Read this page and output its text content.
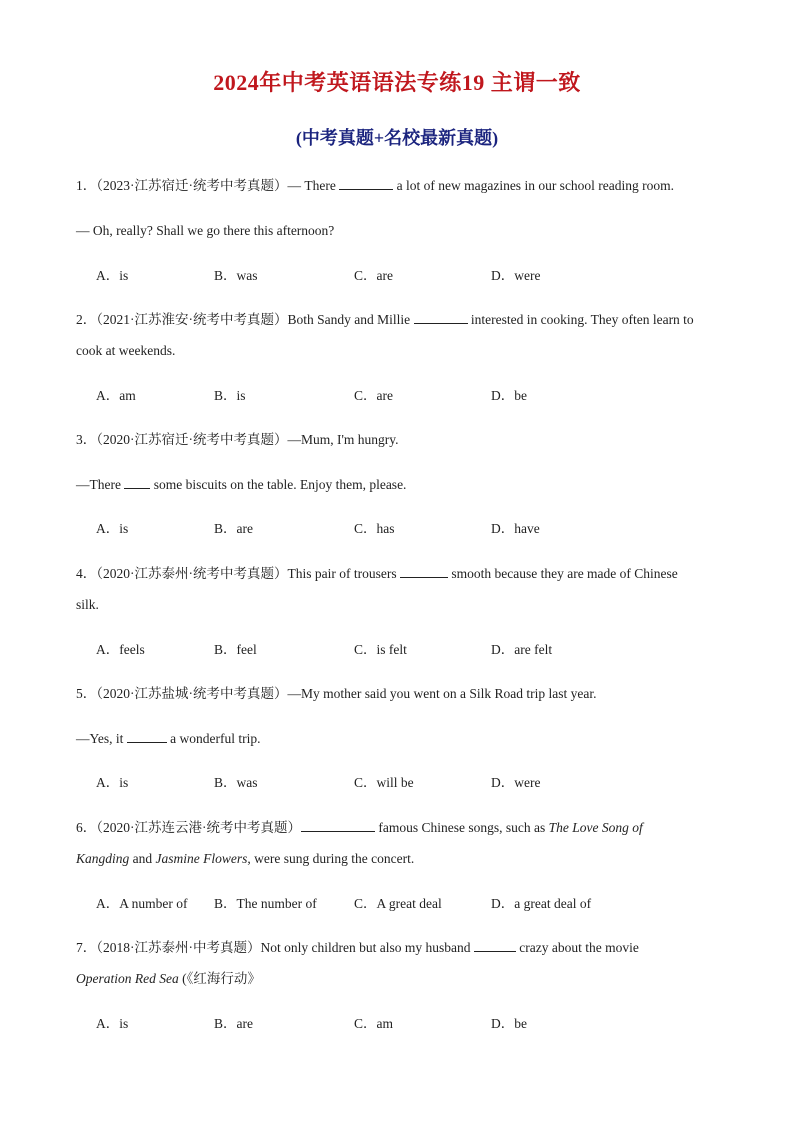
2024年中考英语语法专练19 主谓一致
(中考真题+名校最新真题)
1．（2023·江苏宿迁·统考中考真题）— There	a lot of new magazines in our school reading room.
— Oh, really? Shall we go there this afternoon?
A．is	B．was	C．are	D．were
2．（2021·江苏淮安·统考中考真题）Both Sandy and Millie	interested in cooking. They often learn to
cook at weekends.
A．am	B．is	C．are	D．be
3．（2020·江苏宿迁·统考中考真题）—Mum, I'm hungry.
—There  some biscuits on the table. Enjoy them, please.
A．is	B．are	C．has	D．have
4．（2020·江苏泰州·统考中考真题）This pair of trousers	smooth because they are made of Chinese
silk.
A．feels	B．feel	C．is felt	D．are felt
5．（2020·江苏盐城·统考中考真题）—My mother said you went on a Silk Road trip last year.
—Yes, it	a wonderful trip.
A．is	B．was	C．will be	D．were
6．（2020·江苏连云港·统考中考真题）	famous Chinese songs, such as The Love Song of
Kangding and Jasmine Flowers, were sung during the concert.
A．A number of B．The number of	C．A great deal	D．a great deal of
7．（2018·江苏泰州·中考真题）Not only children but also my husband	crazy about the movie
Operation Red Sea (《红海行动》
A．is	B．are	C．am	D．be
